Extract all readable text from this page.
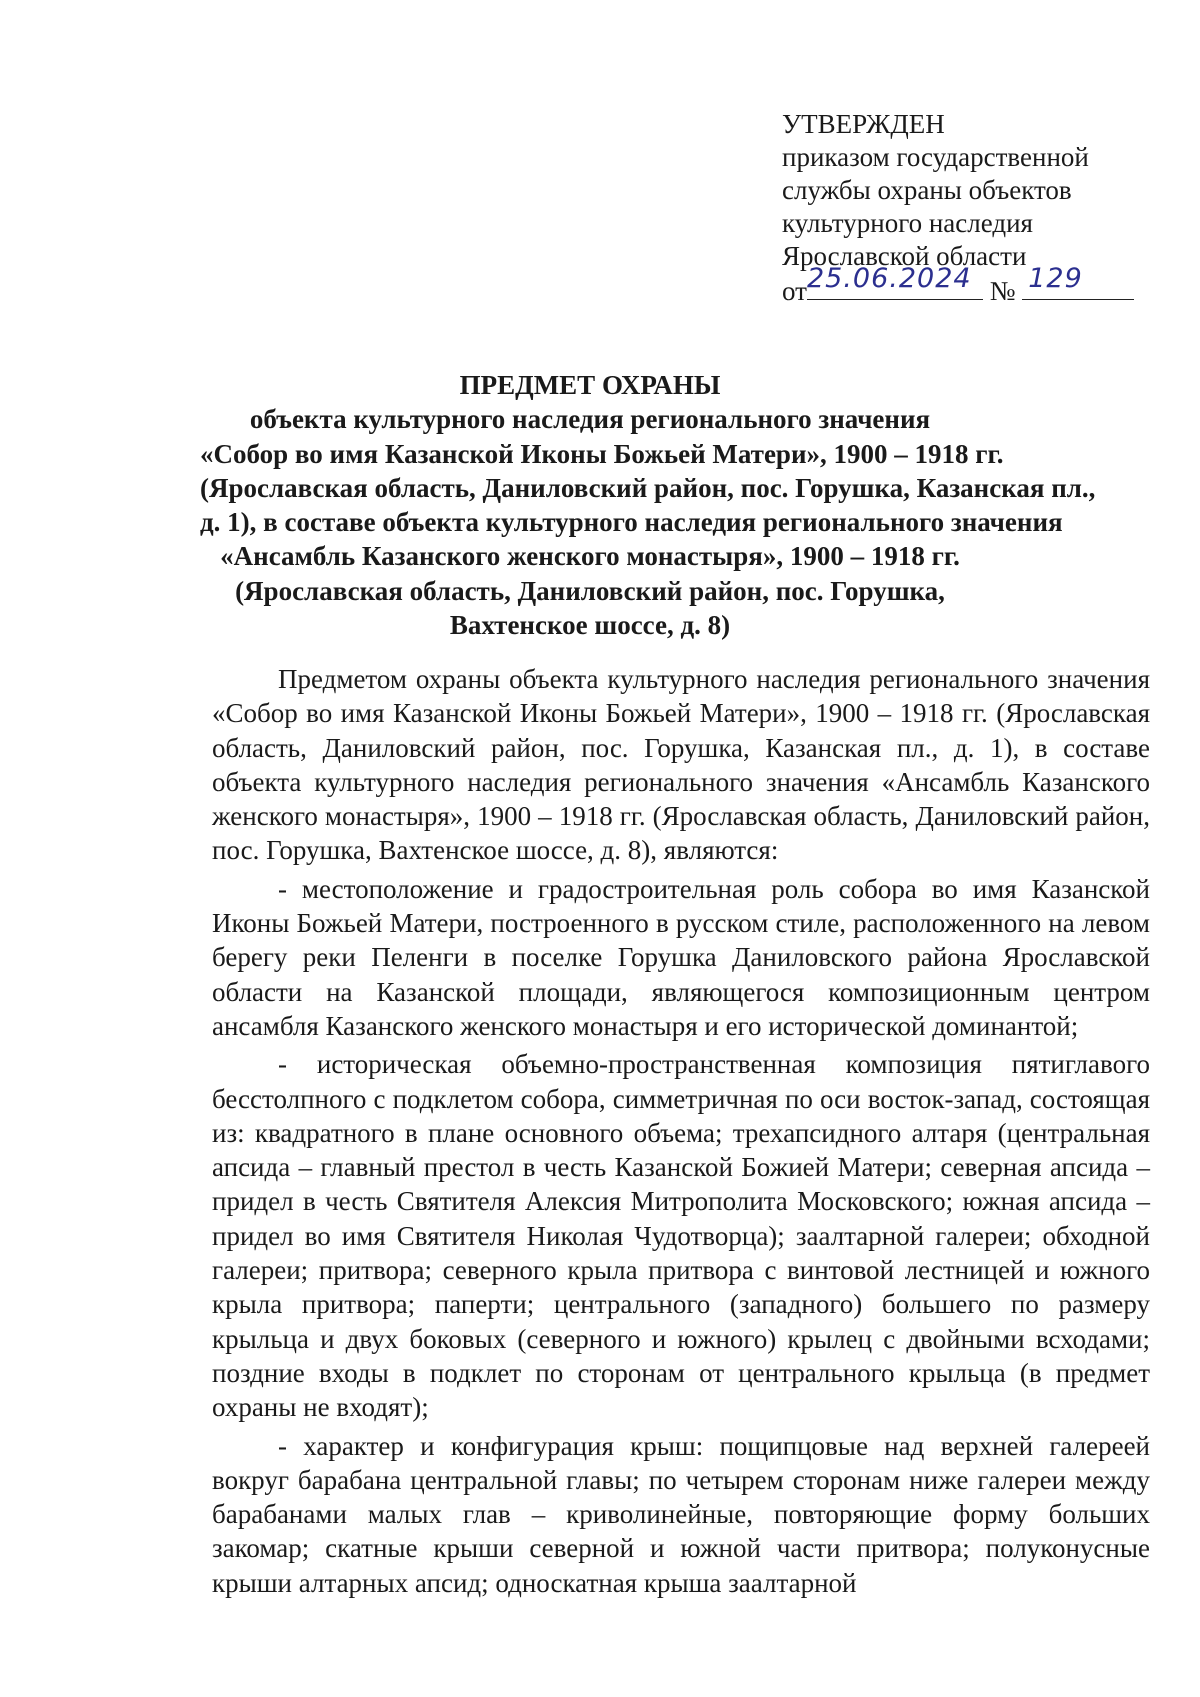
УТВЕРЖДЕН
приказом государственной
службы охраны объектов
культурного наследия
Ярославской области
от 25.06.2024 № 129
ПРЕДМЕТ ОХРАНЫ
объекта культурного наследия регионального значения
«Собор во имя Казанской Иконы Божьей Матери», 1900 – 1918 гг.
(Ярославская область, Даниловский район, пос. Горушка, Казанская пл.,
д. 1), в составе объекта культурного наследия регионального значения
«Ансамбль Казанского женского монастыря», 1900 – 1918 гг.
(Ярославская область, Даниловский район, пос. Горушка,
Вахтенское шоссе, д. 8)

Предметом охраны объекта культурного наследия регионального значения «Собор во имя Казанской Иконы Божьей Матери», 1900 – 1918 гг. (Ярославская область, Даниловский район, пос. Горушка, Казанская пл., д. 1), в составе объекта культурного наследия регионального значения «Ансамбль Казанского женского монастыря», 1900 – 1918 гг. (Ярославская область, Даниловский район, пос. Горушка, Вахтенское шоссе, д. 8), являются:

- местоположение и градостроительная роль собора во имя Казанской Иконы Божьей Матери, построенного в русском стиле, расположенного на левом берегу реки Пеленги в поселке Горушка Даниловского района Ярославской области на Казанской площади, являющегося композиционным центром ансамбля Казанского женского монастыря и его исторической доминантой;

- историческая объемно-пространственная композиция пятиглавого бесстолпного с подклетом собора, симметричная по оси восток-запад, состоящая из: квадратного в плане основного объема; трехапсидного алтаря (центральная апсида – главный престол в честь Казанской Божией Матери; северная апсида – придел в честь Святителя Алексия Митрополита Московского; южная апсида – придел во имя Святителя Николая Чудотворца); заалтарной галереи; обходной галереи; притвора; северного крыла притвора с винтовой лестницей и южного крыла притвора; паперти; центрального (западного) большего по размеру крыльца и двух боковых (северного и южного) крылец с двойными всходами; поздние входы в подклет по сторонам от центрального крыльца (в предмет охраны не входят);

- характер и конфигурация крыш: пощипцовые над верхней галереей вокруг барабана центральной главы; по четырем сторонам ниже галереи между барабанами малых глав – криволинейные, повторяющие форму больших закомар; скатные крыши северной и южной части притвора; полуконусные крыши алтарных апсид; односкатная крыша заалтарной
